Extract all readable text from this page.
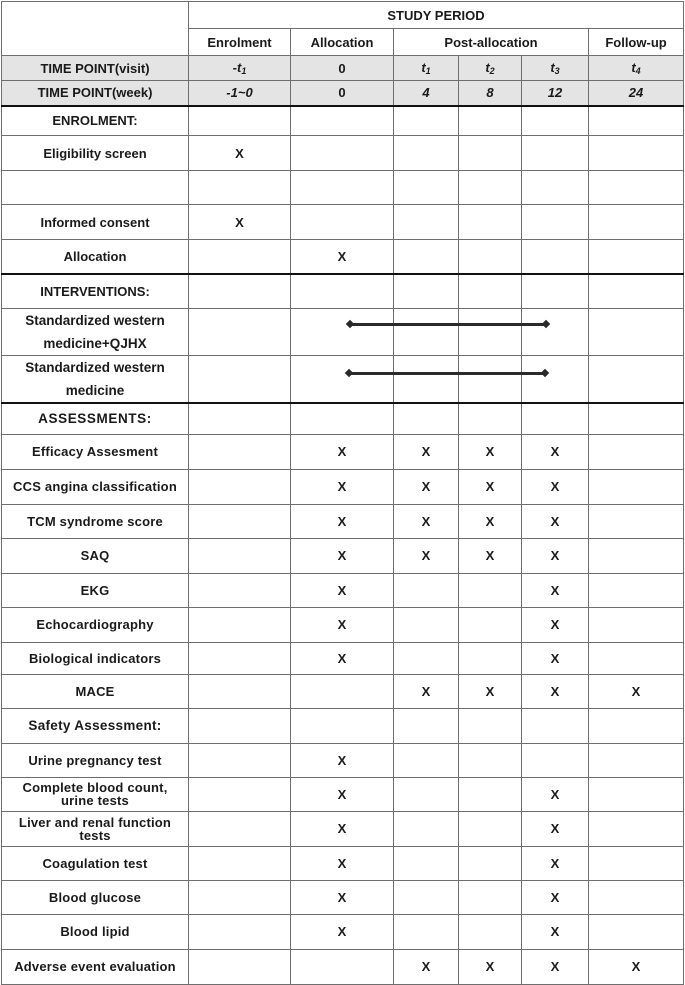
	STUDY PERIOD					
	Enrolment	Allocation	Post-allocation			Follow-up
TIME POINT(visit)	$-t_1$	0	$t_1$	$t_2$	$t_3$	$t_4$
TIME POINT(week)	-1~0	0	4	8	12	24
ENROLMENT:						
Eligibility screen	X					

Informed consent	X					
Allocation		X				
INTERVENTIONS:						

Standardized western
medicine+QJHX						

Standardized western
medicine						

ASSESSMENTS:						
Efficacy Assesment		X	X	X	X	
CCS angina classification		X	X	X	X	
TCM syndrome score		X	X	X	X	
SAQ		X	X	X	X	
EKG		X			X	
Echocardiography		X			X	
Biological indicators		X			X	
MACE			X	X	X	X
Safety Assessment:						
Urine pregnancy test		X				

Complete blood count,
urine tests		X			X	

Liver and renal function
tests		X			X	
Coagulation test		X			X	
Blood glucose		X			X	
Blood lipid		X			X	
Adverse event evaluation			X	X	X	X
